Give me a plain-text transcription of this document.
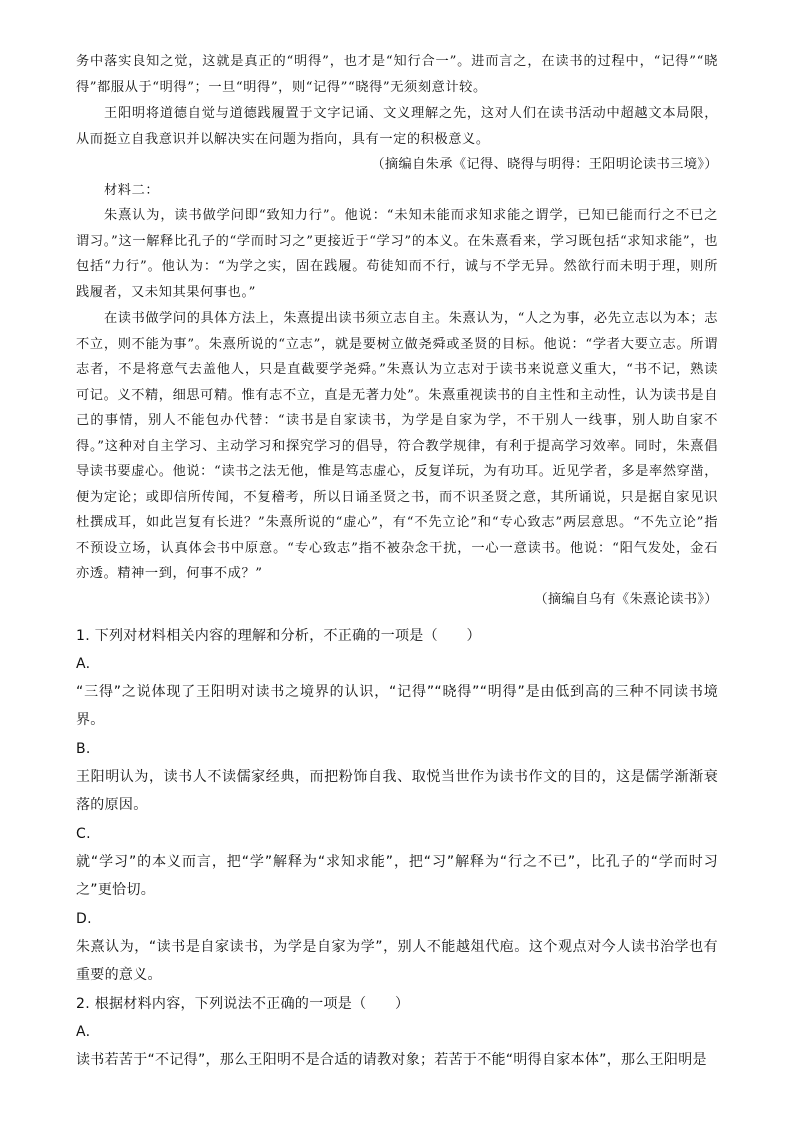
务中落实良知之觉，这就是真正的“明得”，也才是“知行合一”。进而言之，在读书的过程中，“记得”“晓得”都服从于“明得”；一旦“明得”，则“记得”“晓得”无须刻意计较。

王阳明将道德自觉与道德践履置于文字记诵、文义理解之先，这对人们在读书活动中超越文本局限，从而挺立自我意识并以解决实在问题为指向，具有一定的积极意义。

（摘编自朱承《记得、晓得与明得：王阳明论读书三境》）

材料二：

朱熹认为，读书做学问即“致知力行”。他说：“未知未能而求知求能之谓学，已知已能而行之不已之谓习。”这一解释比孔子的“学而时习之”更接近于“学习”的本义。在朱熹看来，学习既包括“求知求能”，也包括“力行”。他认为：“为学之实，固在践履。苟徒知而不行，诚与不学无异。然欲行而未明于理，则所践履者，又未知其果何事也。”

在读书做学问的具体方法上，朱熹提出读书须立志自主。朱熹认为，“人之为事，必先立志以为本；志不立，则不能为事”。朱熹所说的“立志”，就是要树立做尧舜或圣贤的目标。他说：“学者大要立志。所谓志者，不是将意气去盖他人，只是直截要学尧舜。”朱熹认为立志对于读书来说意义重大，“书不记，熟读可记。义不精，细思可精。惟有志不立，直是无著力处”。朱熹重视读书的自主性和主动性，认为读书是自己的事情，别人不能包办代替：“读书是自家读书，为学是自家为学，不干别人一线事，别人助自家不得。”这种对自主学习、主动学习和探究学习的倡导，符合教学规律，有利于提高学习效率。同时，朱熹倡导读书要虚心。他说：“读书之法无他，惟是笃志虚心，反复详玩，为有功耳。近见学者，多是率然穿凿，便为定论；或即信所传闻，不复稽考，所以日诵圣贤之书，而不识圣贤之意，其所诵说，只是据自家见识杜撰成耳，如此岂复有长进？”朱熹所说的“虚心”，有“不先立论”和“专心致志”两层意思。“不先立论”指不预设立场，认真体会书中原意。“专心致志”指不被杂念干扰，一心一意读书。他说：“阳气发处，金石亦透。精神一到，何事不成？”

（摘编自乌有《朱熹论读书》）

1. 下列对材料相关内容的理解和分析，不正确的一项是（　　）

A.

“三得”之说体现了王阳明对读书之境界的认识，“记得”“晓得”“明得”是由低到高的三种不同读书境界。

B.

王阳明认为，读书人不读儒家经典，而把粉饰自我、取悦当世作为读书作文的目的，这是儒学渐渐衰落的原因。

C.

就“学习”的本义而言，把“学”解释为“求知求能”，把“习”解释为“行之不已”，比孔子的“学而时习之”更恰切。

D.

朱熹认为，“读书是自家读书，为学是自家为学”，别人不能越俎代庖。这个观点对今人读书治学也有重要的意义。

2. 根据材料内容，下列说法不正确的一项是（　　）

A.

读书若苦于“不记得”，那么王阳明不是合适的请教对象；若苦于不能“明得自家本体”，那么王阳明是
